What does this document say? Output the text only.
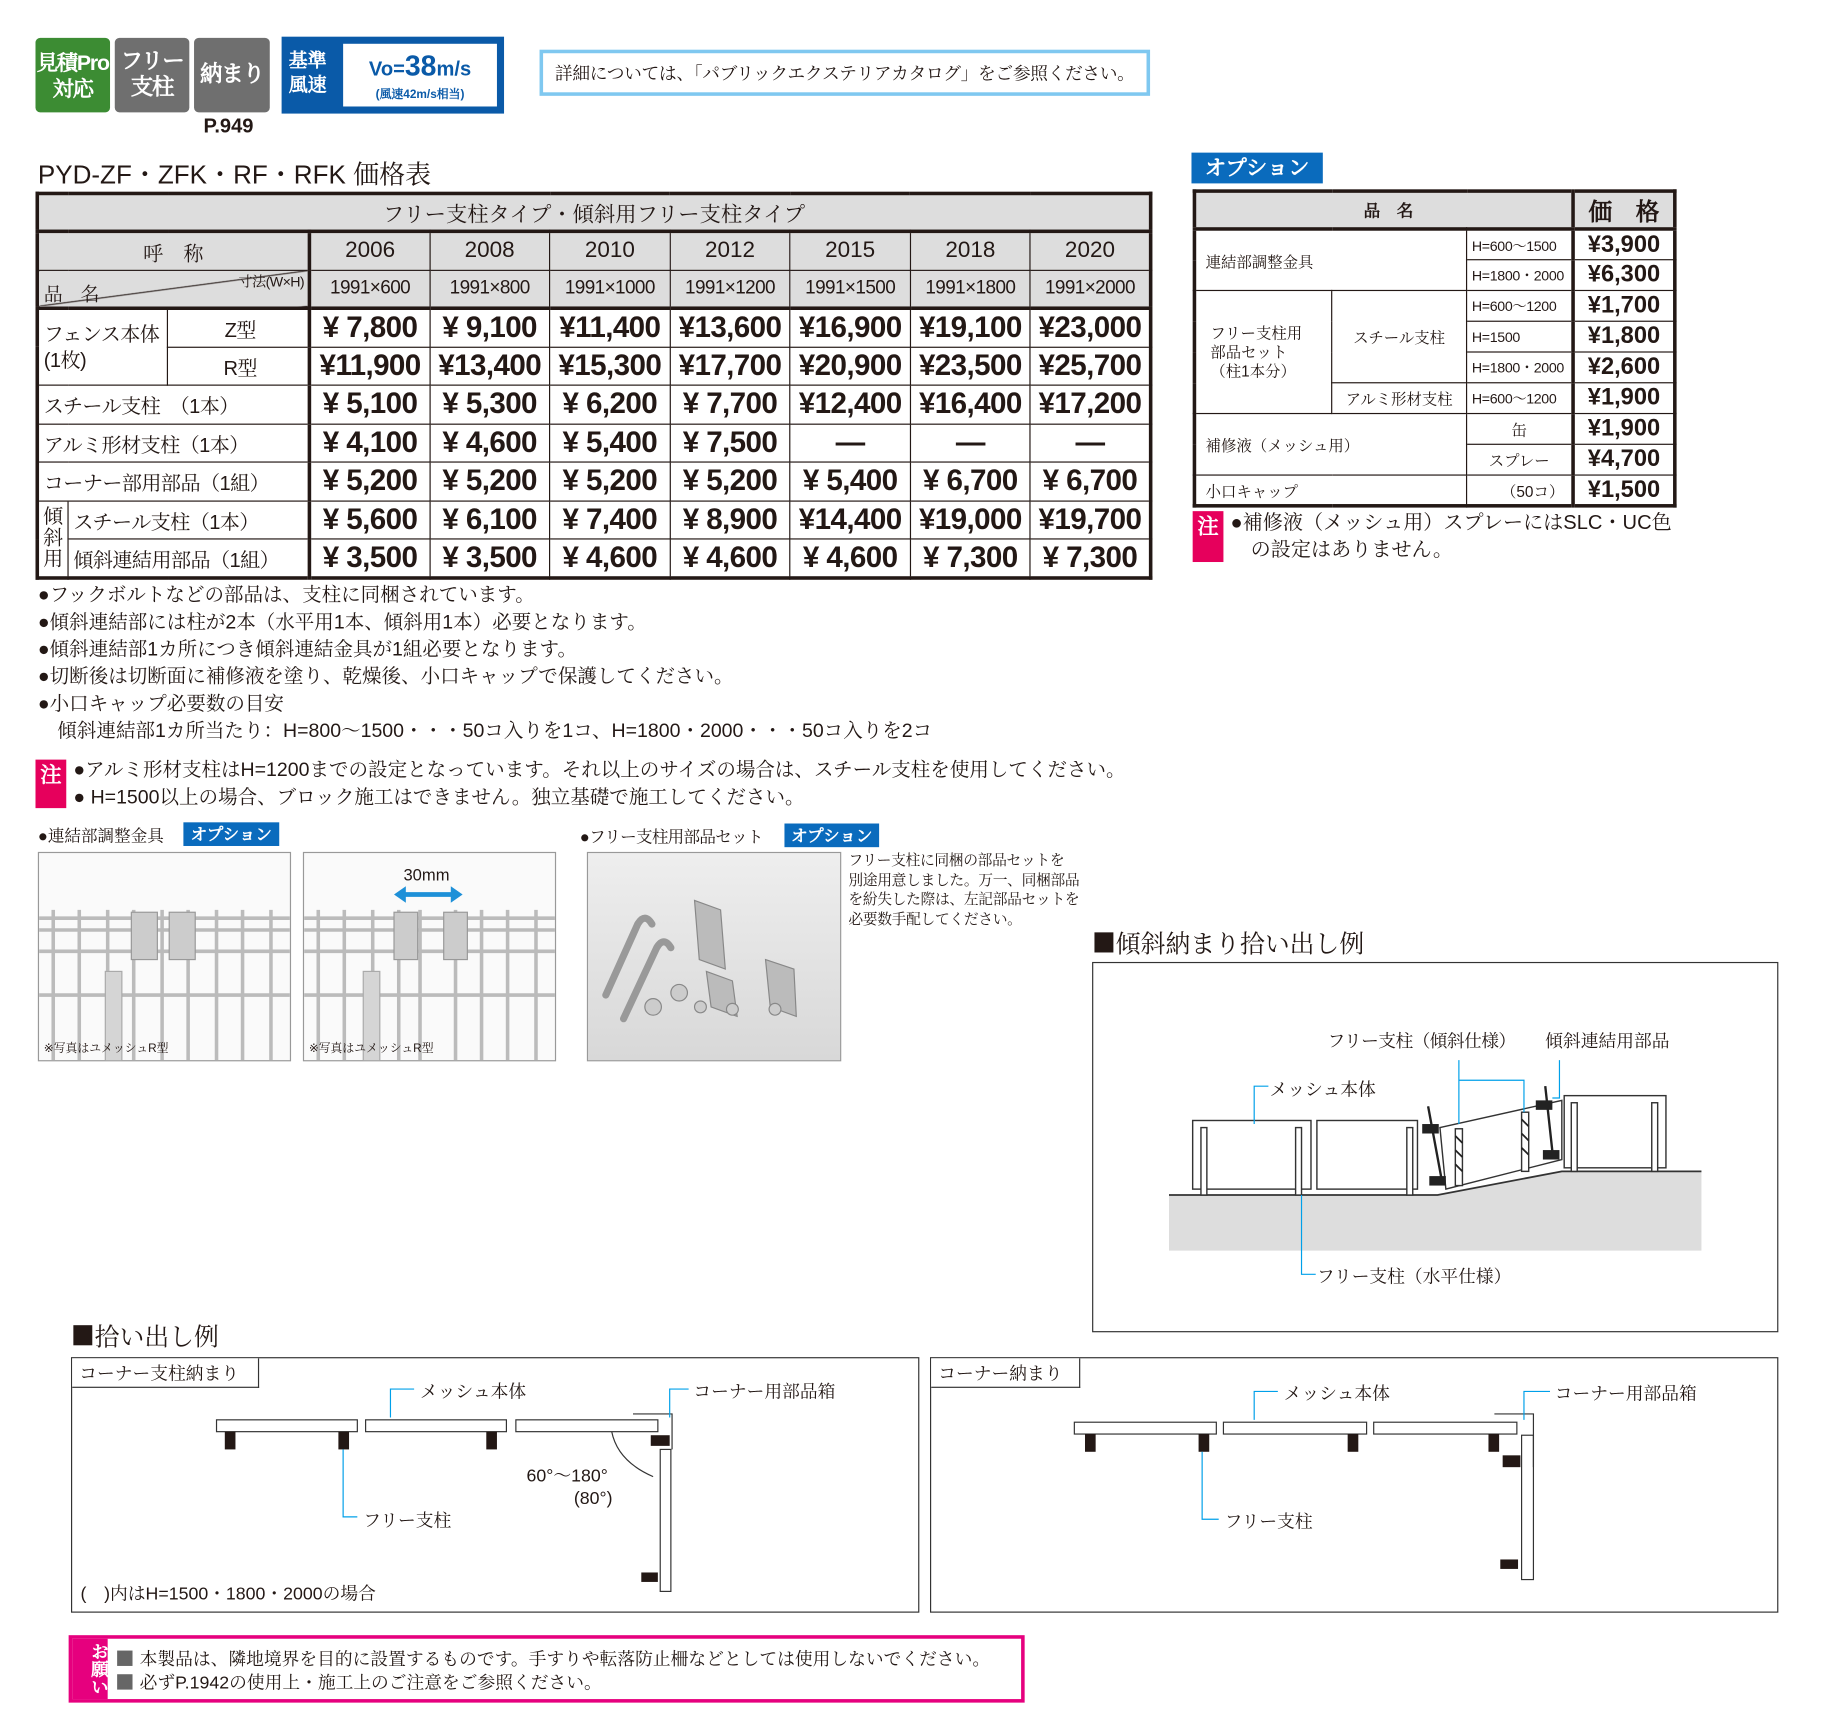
見積Pro
対応
フリー
支柱
納まり
P.949
基準
風速
Vo=38m/s
(風速42m/s相当)
詳細については、「パブリックエクステリアカタログ」をご参照ください。
PYD-ZF・ZFK・RF・RFK 価格表
フリー支柱タイプ・傾斜用フリー支柱タイプ									
呼　称			2006	2008	2010	2012	2015	2018	2020

品　名
寸法(W×H)			1991×600	1991×800	1991×1000	1991×1200	1991×1500	1991×1800	1991×2000
フェンス本体
(1枚)		Z型	¥ 7,800	¥ 9,100	¥11,400	¥13,600	¥16,900	¥19,100	¥23,000
		R型	¥11,900	¥13,400	¥15,300	¥17,700	¥20,900	¥23,500	¥25,700
スチール支柱　（1本）			¥ 5,100	¥ 5,300	¥ 6,200	¥ 7,700	¥12,400	¥16,400	¥17,200
アルミ形材支柱（1本）			¥ 4,100	¥ 4,600	¥ 5,400	¥ 7,500	—	—	—
コーナー部用部品（1組）			¥ 5,200	¥ 5,200	¥ 5,200	¥ 5,200	¥ 5,400	¥ 6,700	¥ 6,700
傾斜用	スチール支柱（1本）		¥ 5,600	¥ 6,100	¥ 7,400	¥ 8,900	¥14,400	¥19,000	¥19,700
	傾斜連結用部品（1組）		¥ 3,500	¥ 3,500	¥ 4,600	¥ 4,600	¥ 4,600	¥ 7,300	¥ 7,300
オプション
品　名			価　格
連結部調整金具		H=600～1500	¥3,900
		H=1800・2000	¥6,300
フリー支柱用
部品セット
（柱1本分）	スチール支柱	H=600～1200	¥1,700
		H=1500	¥1,800
		H=1800・2000	¥2,600
	アルミ形材支柱	H=600～1200	¥1,900
補修液（メッシュ用）		缶	¥1,900
		スプレー	¥4,700
小口キャップ		（50コ）	¥1,500
注 ●補修液（メッシュ用）スプレーにはSLC・UC色
　の設定はありません。
●フックボルトなどの部品は、支柱に同梱されています。
●傾斜連結部には柱が2本（水平用1本、傾斜用1本）必要となります。
●傾斜連結部1カ所につき傾斜連結金具が1組必要となります。
●切断後は切断面に補修液を塗り、乾燥後、小口キャップで保護してください。
●小口キャップ必要数の目安
　傾斜連結部1カ所当たり：H=800～1500・・・50コ入りを1コ、H=1800・2000・・・50コ入りを2コ
注 ●アルミ形材支柱はH=1200までの設定となっています。それ以上のサイズの場合は、スチール支柱を使用してください。
● H=1500以上の場合、ブロック施工はできません。独立基礎で施工してください。
●連結部調整金具	オプション	●フリー支柱用部品セット	オプション
※写真はユメッシュR型
30mm
※写真はユメッシュR型
フリー支柱に同梱の部品セットを
別途用意しました。万一、同梱部品
を紛失した際は、左記部品セットを
必要数手配してください。
傾斜納まり拾い出し例
フリー支柱（傾斜仕様） 傾斜連結用部品
メッシュ本体
フリー支柱（水平仕様）
拾い出し例
コーナー支柱納まり
メッシュ本体	コーナー用部品箱
フリー支柱
60°～180°
(80°)
(　)内はH=1500・1800・2000の場合
コーナー納まり
メッシュ本体	コーナー用部品箱
フリー支柱
お願い	本製品は、隣地境界を目的に設置するものです。手すりや転落防止柵などとしては使用しないでください。
必ずP.1942の使用上・施工上のご注意をご参照ください。
